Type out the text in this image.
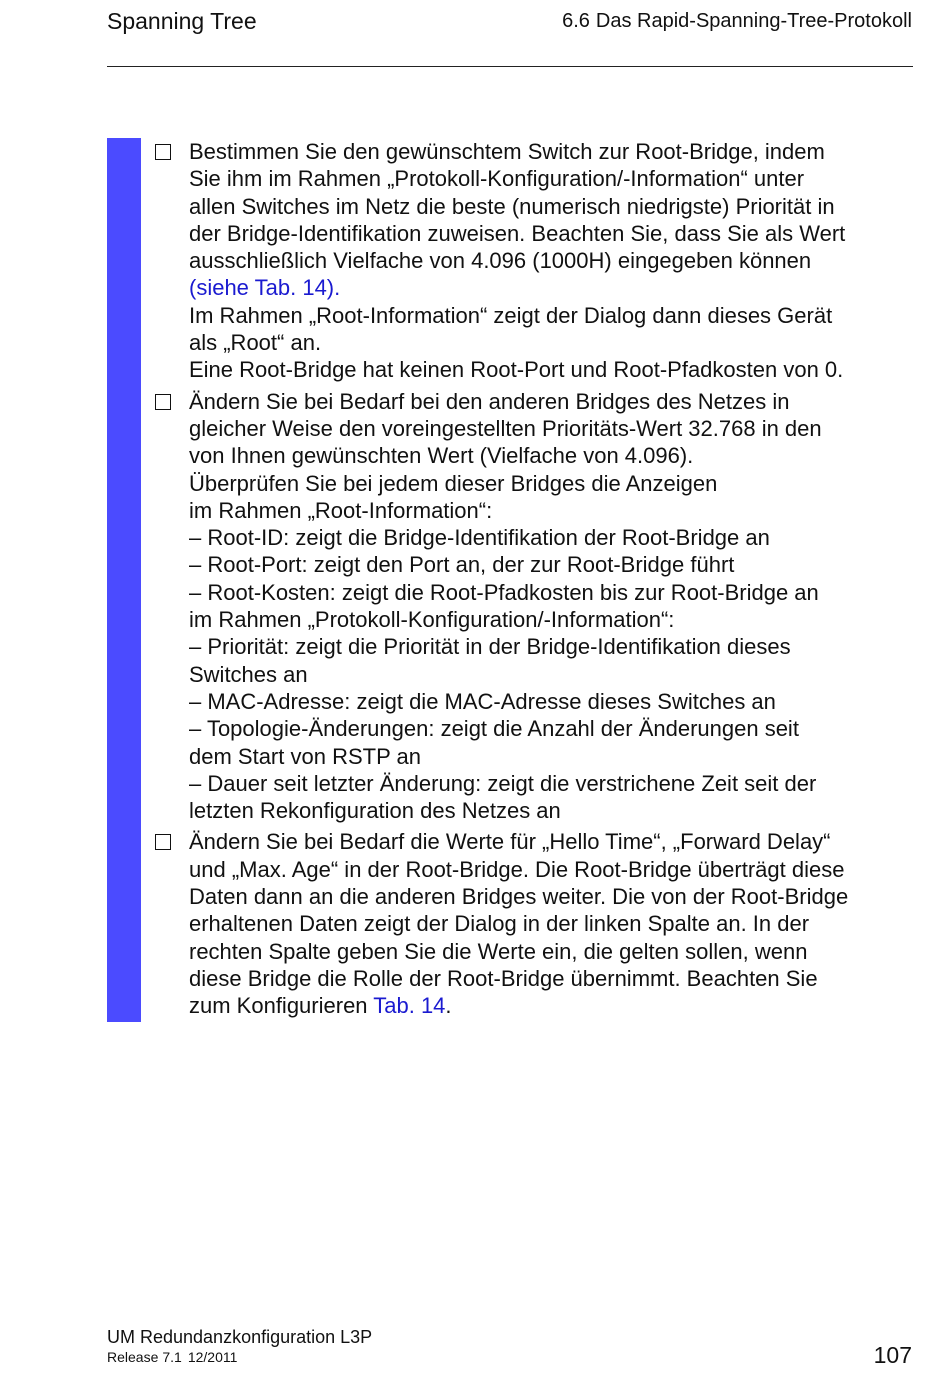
Spanning Tree	6.6 Das Rapid-Spanning-Tree-Protokoll
Bestimmen Sie den gewünschtem Switch zur Root-Bridge, indem
Sie ihm im Rahmen „Protokoll-Konfiguration/-Information“ unter
allen Switches im Netz die beste (numerisch niedrigste) Priorität in
der Bridge-Identifikation zuweisen. Beachten Sie, dass Sie als Wert
ausschließlich Vielfache von 4.096 (1000H) eingegeben können
(siehe Tab. 14).
Im Rahmen „Root-Information“ zeigt der Dialog dann dieses Gerät
als „Root“ an.
Eine Root-Bridge hat keinen Root-Port und Root-Pfadkosten von 0.
Ändern Sie bei Bedarf bei den anderen Bridges des Netzes in
gleicher Weise den voreingestellten Prioritäts-Wert 32.768 in den
von Ihnen gewünschten Wert (Vielfache von 4.096).
Überprüfen Sie bei jedem dieser Bridges die Anzeigen
im Rahmen „Root-Information“:
– Root-ID: zeigt die Bridge-Identifikation der Root-Bridge an
– Root-Port: zeigt den Port an, der zur Root-Bridge führt
– Root-Kosten: zeigt die Root-Pfadkosten bis zur Root-Bridge an
im Rahmen „Protokoll-Konfiguration/-Information“:
– Priorität: zeigt die Priorität in der Bridge-Identifikation dieses
Switches an
– MAC-Adresse: zeigt die MAC-Adresse dieses Switches an
– Topologie-Änderungen: zeigt die Anzahl der Änderungen seit
dem Start von RSTP an
– Dauer seit letzter Änderung: zeigt die verstrichene Zeit seit der
letzten Rekonfiguration des Netzes an
Ändern Sie bei Bedarf die Werte für „Hello Time“, „Forward Delay“
und „Max. Age“ in der Root-Bridge. Die Root-Bridge überträgt diese
Daten dann an die anderen Bridges weiter. Die von der Root-Bridge
erhaltenen Daten zeigt der Dialog in der linken Spalte an. In der
rechten Spalte geben Sie die Werte ein, die gelten sollen, wenn
diese Bridge die Rolle der Root-Bridge übernimmt. Beachten Sie
zum Konfigurieren Tab. 14.
UM Redundanzkonfiguration L3P
Release 7.1 12/2011	107
